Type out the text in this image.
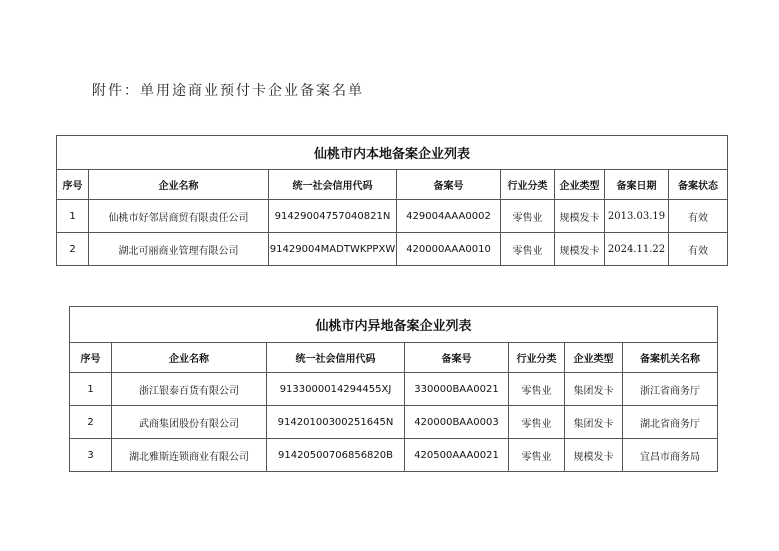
附件：单用途商业预付卡企业备案名单
仙桃市内本地备案企业列表							
序号	企业名称	统一社会信用代码	备案号	行业分类	企业类型	备案日期	备案状态
1	仙桃市好邻居商贸有限责任公司	91429004757040821N	429004AAA0002	零售业	规模发卡	2013.03.19	有效
2	湖北可丽商业管理有限公司	91429004MADTWKPPXW	420000AAA0010	零售业	规模发卡	2024.11.22	有效
仙桃市内异地备案企业列表						
序号	企业名称	统一社会信用代码	备案号	行业分类	企业类型	备案机关名称
1	浙江银泰百货有限公司	9133000014294455XJ	330000BAA0021	零售业	集团发卡	浙江省商务厅
2	武商集团股份有限公司	91420100300251645N	420000BAA0003	零售业	集团发卡	湖北省商务厅
3	湖北雅斯连锁商业有限公司	91420500706856820B	420500AAA0021	零售业	规模发卡	宜昌市商务局
